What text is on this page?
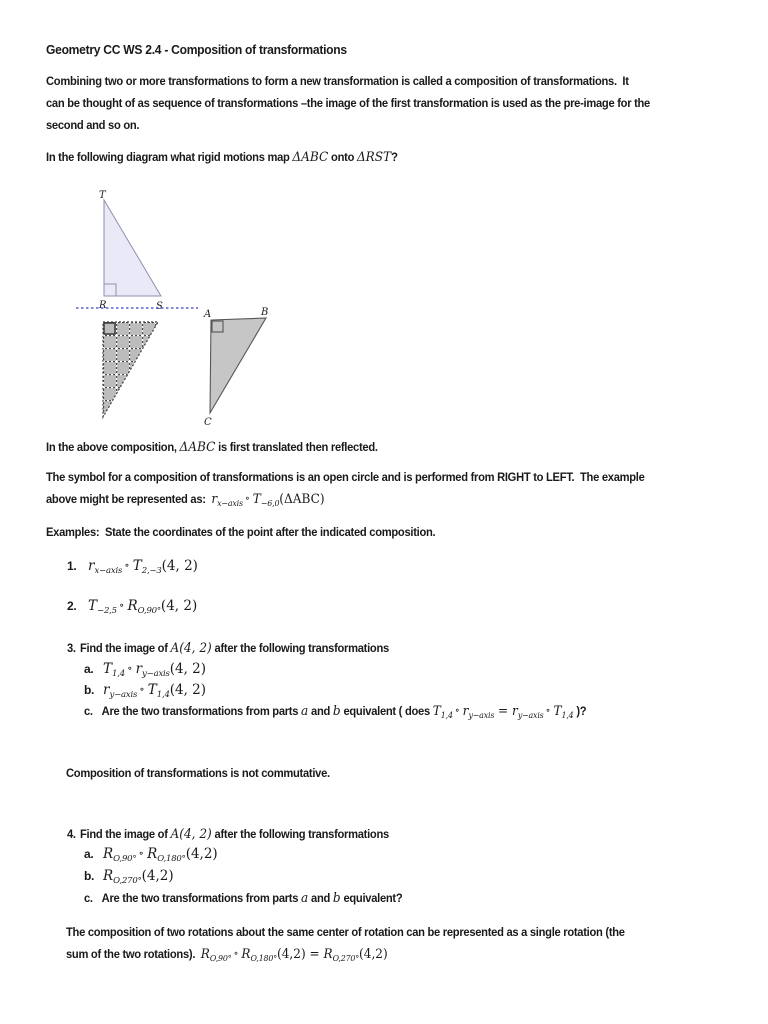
Geometry CC WS 2.4 - Composition of transformations
Combining two or more transformations to form a new transformation is called a composition of transformations.  It
can be thought of as sequence of transformations –the image of the first transformation is used as the pre-image for the
second and so on.
In the following diagram what rigid motions map ΔABC onto ΔRST?
T
R	S
A	B
C
In the above composition, ΔABC is first translated then reflected.
The symbol for a composition of transformations is an open circle and is performed from RIGHT to LEFT.  The example
above might be represented as:  $r_{x-axis}$ ∘ $T_{-6,0}(\Delta ABC)$
Examples:  State the coordinates of the point after the indicated composition.
1. $r_{x-axis}$ ∘ $T_{2,-3}(4$, 2)
2. $T_{-2,5}$ ∘ $R_{O,90^\circ}(4$, 2)
3. Find the image of A(4, 2) after the following transformations
a. $T_{1,4}$ ∘ $r_{y-axis}(4$, 2)
b. $r_{y-axis}$ ∘ $T_{1,4}(4$, 2)
c. Are the two transformations from parts a and b equivalent ( does $T_{1,4}$ ∘ $r_{y-axis} = r_{y-axis}$ ∘ $T_{1,4}$ )?
Composition of transformations is not commutative.
4. Find the image of A(4, 2) after the following transformations
a. $R_{O,90^\circ}$ ∘ $R_{O,180^\circ}(4,2)$
b. $R_{O,270^\circ}(4,2)$
c. Are the two transformations from parts a and b equivalent?
The composition of two rotations about the same center of rotation can be represented as a single rotation (the
sum of the two rotations).  $R_{O,90^\circ}$ ∘ $R_{O,180^\circ}(4,2) = R_{O,270^\circ}(4,2)$
